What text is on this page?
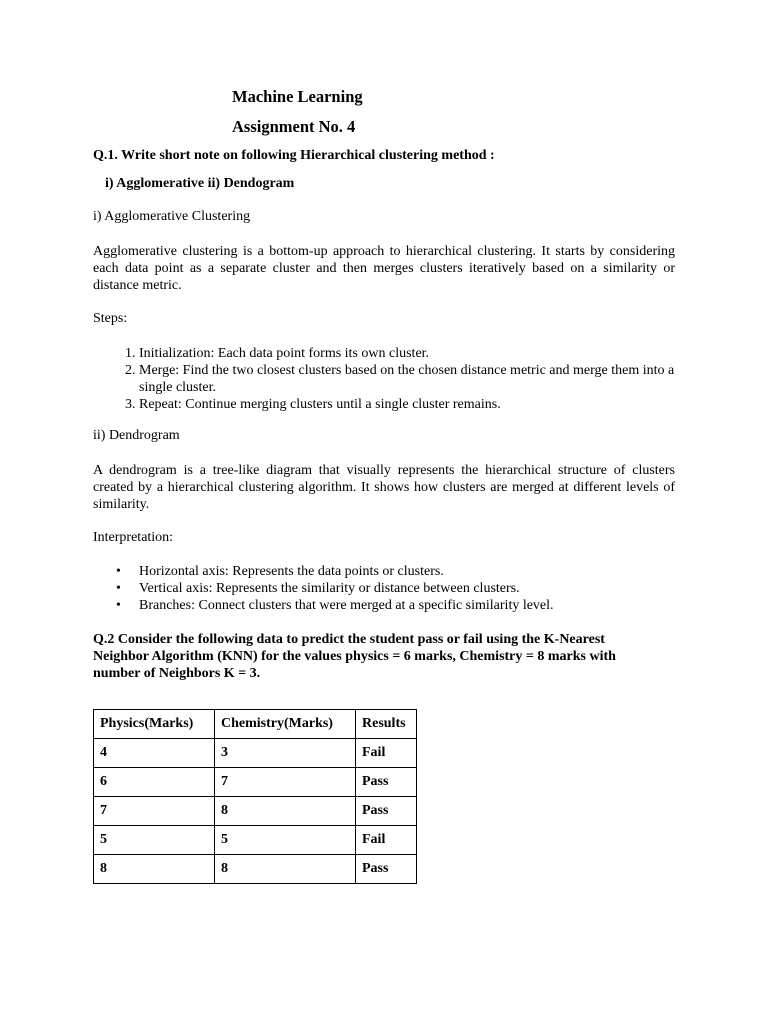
Machine Learning
Assignment No. 4
Q.1. Write short note on following Hierarchical clustering method :
i) Agglomerative ii) Dendogram
i) Agglomerative Clustering
Agglomerative clustering is a bottom-up approach to hierarchical clustering. It starts by considering each data point as a separate cluster and then merges clusters iteratively based on a similarity or distance metric.
Steps:
1. Initialization: Each data point forms its own cluster.
2. Merge: Find the two closest clusters based on the chosen distance metric and merge them into a single cluster.
3. Repeat: Continue merging clusters until a single cluster remains.
ii) Dendrogram
A dendrogram is a tree-like diagram that visually represents the hierarchical structure of clusters created by a hierarchical clustering algorithm. It shows how clusters are merged at different levels of similarity.
Interpretation:
• Horizontal axis: Represents the data points or clusters.
• Vertical axis: Represents the similarity or distance between clusters.
• Branches: Connect clusters that were merged at a specific similarity level.
Q.2 Consider the following data to predict the student pass or fail using the K-Nearest Neighbor Algorithm (KNN) for the values physics = 6 marks, Chemistry = 8 marks with number of Neighbors K = 3.
Physics(Marks)	Chemistry(Marks)	Results
4	3	Fail
6	7	Pass
7	8	Pass
5	5	Fail
8	8	Pass
